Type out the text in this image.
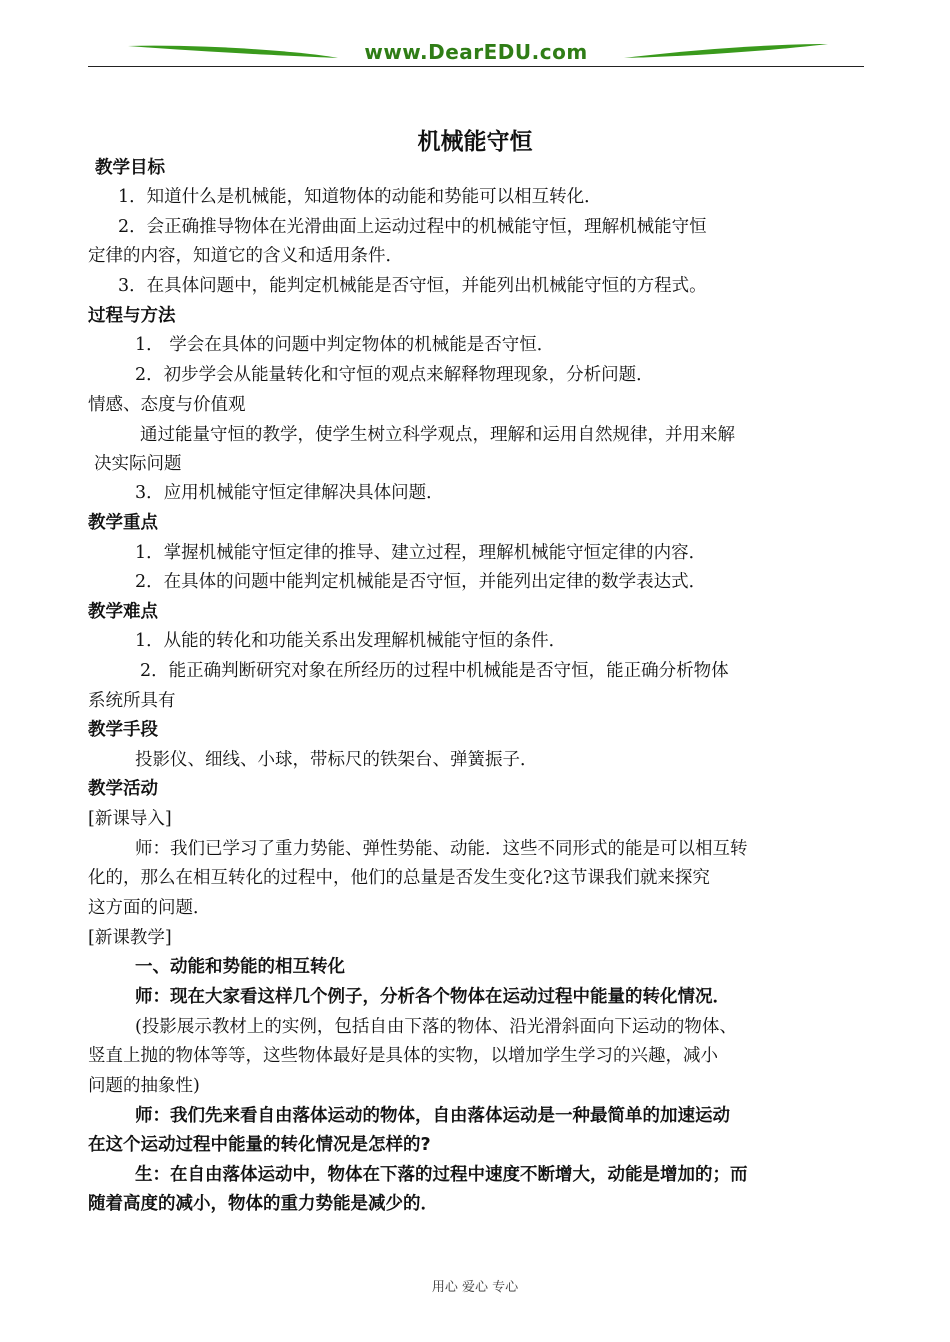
www.DearEDU.com
机械能守恒
教学目标
1．知道什么是机械能，知道物体的动能和势能可以相互转化．
2．会正确推导物体在光滑曲面上运动过程中的机械能守恒，理解机械能守恒
定律的内容，知道它的含义和适用条件．
3．在具体问题中，能判定机械能是否守恒，并能列出机械能守恒的方程式。
过程与方法
1． 学会在具体的问题中判定物体的机械能是否守恒．
2．初步学会从能量转化和守恒的观点来解释物理现象，分析问题．
情感、态度与价值观
通过能量守恒的教学，使学生树立科学观点，理解和运用自然规律，并用来解
决实际问题
3．应用机械能守恒定律解决具体问题．
教学重点
1．掌握机械能守恒定律的推导、建立过程，理解机械能守恒定律的内容．
2．在具体的问题中能判定机械能是否守恒，并能列出定律的数学表达式．
教学难点
1．从能的转化和功能关系出发理解机械能守恒的条件．
2．能正确判断研究对象在所经历的过程中机械能是否守恒，能正确分析物体
系统所具有
教学手段
投影仪、细线、小球，带标尺的铁架台、弹簧振子．
教学活动
[新课导入]
师：我们已学习了重力势能、弹性势能、动能．这些不同形式的能是可以相互转
化的，那么在相互转化的过程中，他们的总量是否发生变化?这节课我们就来探究
这方面的问题．
[新课教学]
一、动能和势能的相互转化
师：现在大家看这样几个例子，分析各个物体在运动过程中能量的转化情况．
(投影展示教材上的实例，包括自由下落的物体、沿光滑斜面向下运动的物体、
竖直上抛的物体等等，这些物体最好是具体的实物，以增加学生学习的兴趣，减小
问题的抽象性)
师：我们先来看自由落体运动的物体，自由落体运动是一种最简单的加速运动
在这个运动过程中能量的转化情况是怎样的?
生：在自由落体运动中，物体在下落的过程中速度不断增大，动能是增加的；而
随着高度的减小，物体的重力势能是减少的．
用心 爱心 专心
